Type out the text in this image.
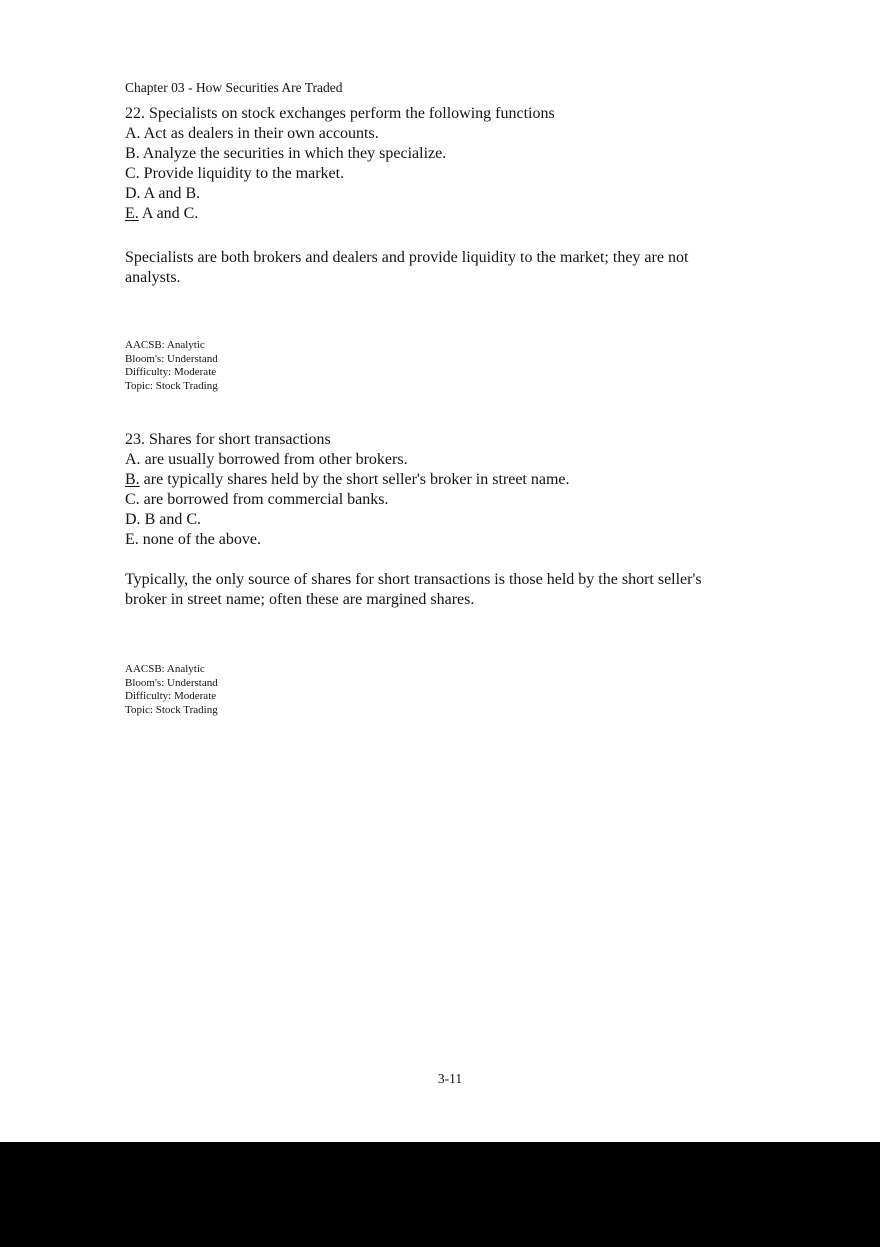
Chapter 03 - How Securities Are Traded
22. Specialists on stock exchanges perform the following functions
A. Act as dealers in their own accounts.
B. Analyze the securities in which they specialize.
C. Provide liquidity to the market.
D. A and B.
E. A and C.
Specialists are both brokers and dealers and provide liquidity to the market; they are not
analysts.
AACSB: Analytic
Bloom's: Understand
Difficulty: Moderate
Topic: Stock Trading
23. Shares for short transactions
A. are usually borrowed from other brokers.
B. are typically shares held by the short seller's broker in street name.
C. are borrowed from commercial banks.
D. B and C.
E. none of the above.
Typically, the only source of shares for short transactions is those held by the short seller's
broker in street name; often these are margined shares.
AACSB: Analytic
Bloom's: Understand
Difficulty: Moderate
Topic: Stock Trading
3-11
